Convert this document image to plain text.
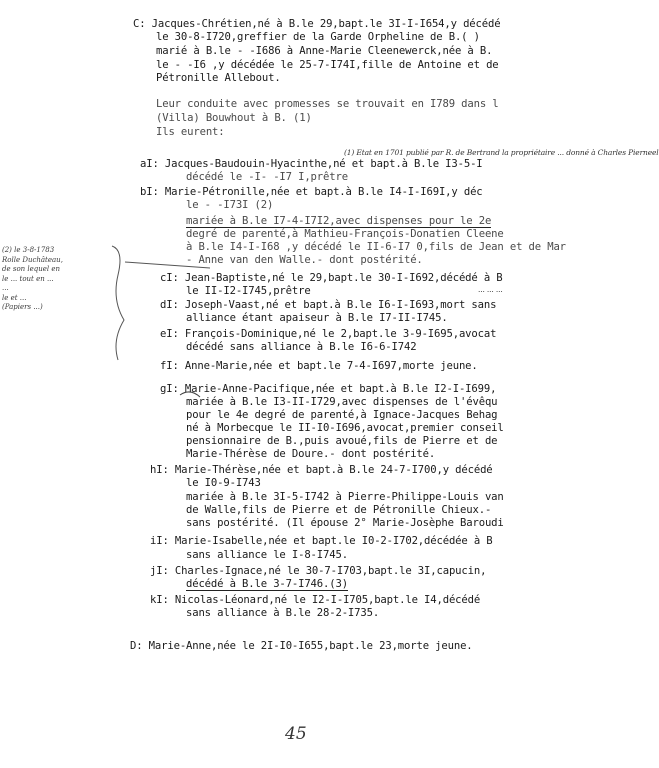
C: Jacques-Chrétien,né à B.le 29,bapt.le 3I-I-I654,y décédé
le 30-8-I720,greffier de la Garde Orpheline de B.( )
marié à B.le - -I686 à Anne-Marie Cleenewerck,née à B.
le - -I6 ,y décédée le 25-7-I74I,fille de Antoine et de
Pétronille Allebout.
Leur conduite avec promesses se trouvait en I789 dans l
(Villa) Bouwhout à B. (1)
Ils eurent:
aI: Jacques-Baudouin-Hyacinthe,né et bapt.à B.le I3-5-I
décédé le -I- -I7 I,prêtre
bI: Marie-Pétronille,née et bapt.à B.le I4-I-I69I,y déc
le - -I73I (2)
mariée à B.le I7-4-I7I2,avec dispenses pour le 2e
degré de parenté,à Mathieu-François-Donatien Cleene
à B.le I4-I-I68 ,y décédé le II-6-I7 0,fils de Jean et de Mar
- Anne van den Walle.- dont postérité.
cI: Jean-Baptiste,né le 29,bapt.le 30-I-I692,décédé à B
le II-I2-I745,prêtre
dI: Joseph-Vaast,né et bapt.à B.le I6-I-I693,mort sans
alliance étant apaiseur à B.le I7-II-I745.
eI: François-Dominique,né le 2,bapt.le 3-9-I695,avocat
décédé sans alliance à B.le I6-6-I742
fI: Anne-Marie,née et bapt.le 7-4-I697,morte jeune.
gI: Marie-Anne-Pacifique,née et bapt.à B.le I2-I-I699,
mariée à B.le I3-II-I729,avec dispenses de l'évêqu
pour le 4e degré de parenté,à Ignace-Jacques Behag
né à Morbecque le II-I0-I696,avocat,premier conseil
pensionnaire de B.,puis avoué,fils de Pierre et de
Marie-Thérèse de Doure.- dont postérité.
hI: Marie-Thérèse,née et bapt.à B.le 24-7-I700,y décédé
le I0-9-I743
mariée à B.le 3I-5-I742 à Pierre-Philippe-Louis van
de Walle,fils de Pierre et de Pétronille Chieux.-
sans postérité. (Il épouse 2° Marie-Josèphe Baroudi
iI: Marie-Isabelle,née et bapt.le I0-2-I702,décédée à B
sans alliance le I-8-I745.
jI: Charles-Ignace,né le 30-7-I703,bapt.le 3I,capucin,
décédé à B.le 3-7-I746.(3)
kI: Nicolas-Léonard,né le I2-I-I705,bapt.le I4,décédé
sans alliance à B.le 28-2-I735.
D: Marie-Anne,née le 2I-I0-I655,bapt.le 23,morte jeune.
(1) Etat en 1701 publié par R. de Bertrand la propriétaire ... donné à Charles Pierneel
... ... ...
(2) le 3-8-1783
Rolle Duchâteau,
de son lequel en
le ... tout en ...
...
le et ...
(Papiers ...)
45
